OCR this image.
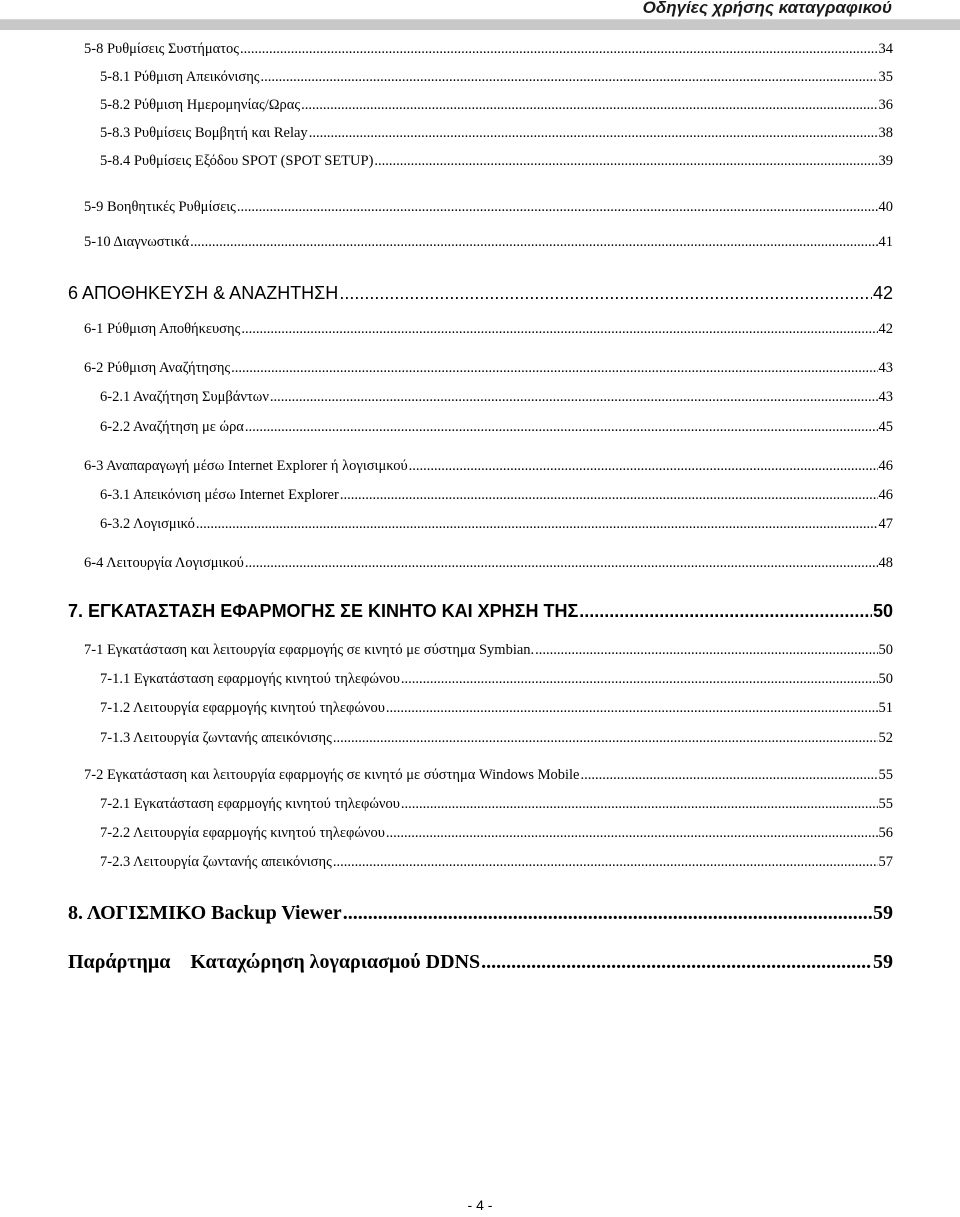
Οδηγίες χρήσης καταγραφικού
5-8 Ρυθμίσεις Συστήματος .....	34
5-8.1 Ρύθμιση Απεικόνισης .....	35
5-8.2 Ρύθμιση Ημερομηνίας/Ωρας .....	36
5-8.3 Ρυθμίσεις Βομβητή και Relay .....	38
5-8.4 Ρυθμίσεις Εξόδου SPOT (SPOT SETUP) .....	39
5-9 Βοηθητικές Ρυθμίσεις .....	40
5-10 Διαγνωστικά .....	41
6 ΑΠΟΘΗΚΕΥΣΗ & ΑΝΑΖΗΤΗΣΗ .....	42
6-1 Ρύθμιση Αποθήκευσης .....	42
6-2 Ρύθμιση Αναζήτησης .....	43
6-2.1 Αναζήτηση Συμβάντων .....	43
6-2.2 Αναζήτηση με ώρα .....	45
6-3 Αναπαραγωγή μέσω Internet Explorer ή λογισιμκού .....	46
6-3.1 Απεικόνιση μέσω Internet Explorer .....	46
6-3.2 Λογισμικό .....	47
6-4 Λειτουργία Λογισμικού .....	48
7. ΕΓΚΑΤΑΣΤΑΣΗ ΕΦΑΡΜΟΓΗΣ ΣΕ ΚΙΝΗΤΟ ΚΑΙ ΧΡΗΣΗ ΤΗΣ .....	50
7-1 Εγκατάσταση και λειτουργία εφαρμογής σε κινητό με σύστημα Symbian. .....	50
7-1.1 Εγκατάσταση εφαρμογής κινητού τηλεφώνου .....	50
7-1.2 Λειτουργία εφαρμογής κινητού τηλεφώνου .....	51
7-1.3 Λειτουργία ζωντανής απεικόνισης .....	52
7-2 Εγκατάσταση και λειτουργία εφαρμογής σε κινητό με σύστημα Windows Mobile .....	55
7-2.1 Εγκατάσταση εφαρμογής κινητού τηλεφώνου .....	55
7-2.2 Λειτουργία εφαρμογής κινητού τηλεφώνου .....	56
7-2.3 Λειτουργία ζωντανής απεικόνισης .....	57
8. ΛΟΓΙΣΜΙΚΟ Backup Viewer .....	59
Παράρτημα Καταχώρηση λογαριασμού DDNS .....	59
- 4 -
